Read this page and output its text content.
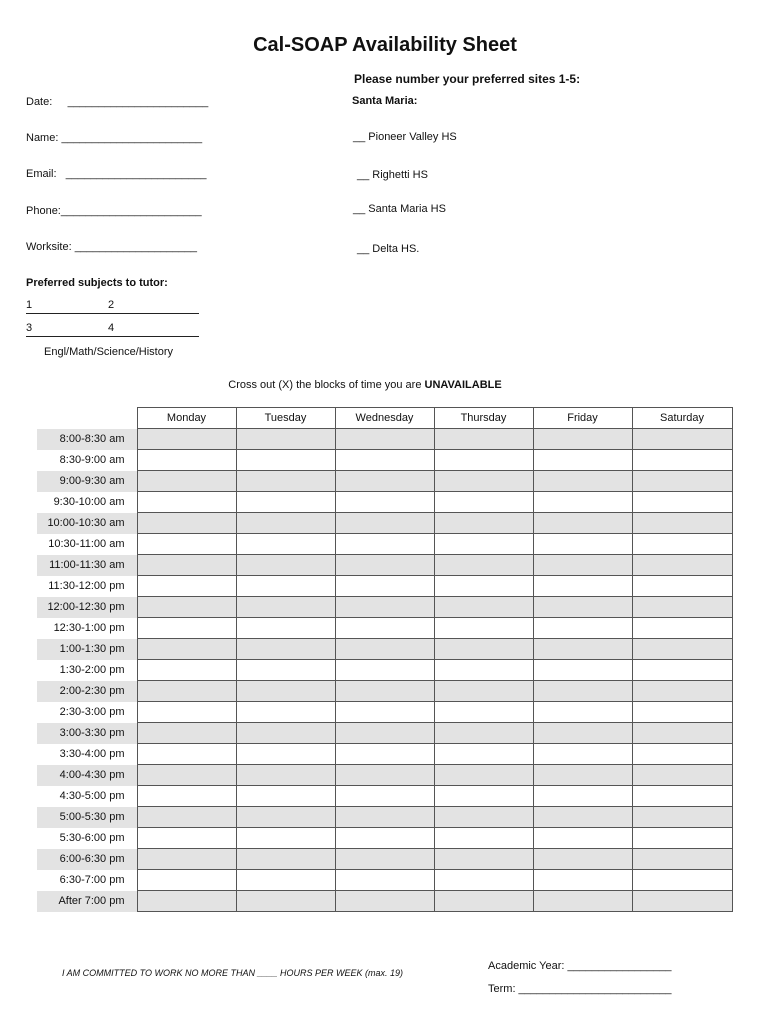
Cal-SOAP Availability Sheet
Date:     _______________________
Name: _______________________
Email:   _______________________
Phone:_______________________
Worksite: ____________________
Please number your preferred sites 1-5:
Santa Maria:
__ Pioneer Valley HS
__ Righetti HS
__ Santa Maria HS
__ Delta HS.
Preferred subjects to tutor:
1	2
3	4
Engl/Math/Science/History
Cross out (X) the blocks of time you are UNAVAILABLE
	Monday	Tuesday	Wednesday	Thursday	Friday	Saturday
8:00-8:30 am						
8:30-9:00 am						
9:00-9:30 am						
9:30-10:00 am						
10:00-10:30 am						
10:30-11:00 am						
11:00-11:30 am						
11:30-12:00 pm						
12:00-12:30 pm						
12:30-1:00 pm						
1:00-1:30 pm						
1:30-2:00 pm						
2:00-2:30 pm						
2:30-3:00 pm						
3:00-3:30 pm						
3:30-4:00 pm						
4:00-4:30 pm						
4:30-5:00 pm						
5:00-5:30 pm						
5:30-6:00 pm						
6:00-6:30 pm						
6:30-7:00 pm						
After 7:00 pm						
I AM COMMITTED TO WORK NO MORE THAN ____ HOURS PER WEEK (max. 19)
Academic Year: _________________
Term: _________________________
